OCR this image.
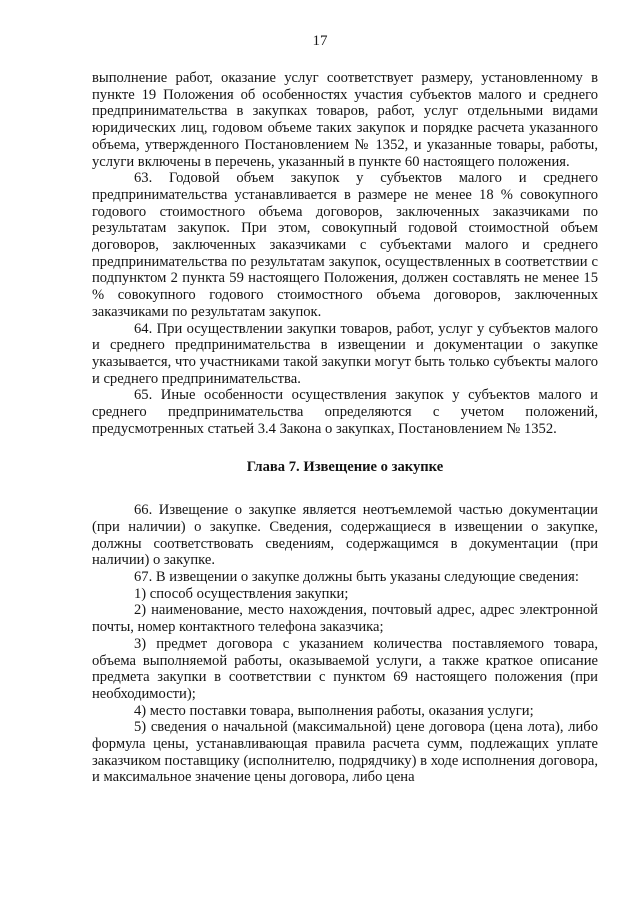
17

выполнение работ, оказание услуг соответствует размеру, установленному в пункте 19 Положения об особенностях участия субъектов малого и среднего предпринимательства в закупках товаров, работ, услуг отдельными видами юридических лиц, годовом объеме таких закупок и порядке расчета указанного объема, утвержденного Постановлением № 1352, и указанные товары, работы, услуги включены в перечень, указанный в пункте 60 настоящего положения.

63. Годовой объем закупок у субъектов малого и среднего предпринимательства устанавливается в размере не менее 18 % совокупного годового стоимостного объема договоров, заключенных заказчиками по результатам закупок. При этом, совокупный годовой стоимостной объем договоров, заключенных заказчиками с субъектами малого и среднего предпринимательства по результатам закупок, осуществленных в соответствии с подпунктом 2 пункта 59 настоящего Положения, должен составлять не менее 15 % совокупного годового стоимостного объема договоров, заключенных заказчиками по результатам закупок.

64. При осуществлении закупки товаров, работ, услуг у субъектов малого и среднего предпринимательства в извещении и документации о закупке указывается, что участниками такой закупки могут быть только субъекты малого и среднего предпринимательства.

65. Иные особенности осуществления закупок у субъектов малого и среднего предпринимательства определяются с учетом положений, предусмотренных статьей 3.4 Закона о закупках, Постановлением № 1352.

Глава 7. Извещение о закупке

66. Извещение о закупке является неотъемлемой частью документации (при наличии) о закупке. Сведения, содержащиеся в извещении о закупке, должны соответствовать сведениям, содержащимся в документации (при наличии) о закупке.

67. В извещении о закупке должны быть указаны следующие сведения:

1) способ осуществления закупки;

2) наименование, место нахождения, почтовый адрес, адрес электронной почты, номер контактного телефона заказчика;

3) предмет договора с указанием количества поставляемого товара, объема выполняемой работы, оказываемой услуги, а также краткое описание предмета закупки в соответствии с пунктом 69 настоящего положения (при необходимости);

4) место поставки товара, выполнения работы, оказания услуги;

5) сведения о начальной (максимальной) цене договора (цена лота), либо формула цены, устанавливающая правила расчета сумм, подлежащих уплате заказчиком поставщику (исполнителю, подрядчику) в ходе исполнения договора, и максимальное значение цены договора, либо цена
